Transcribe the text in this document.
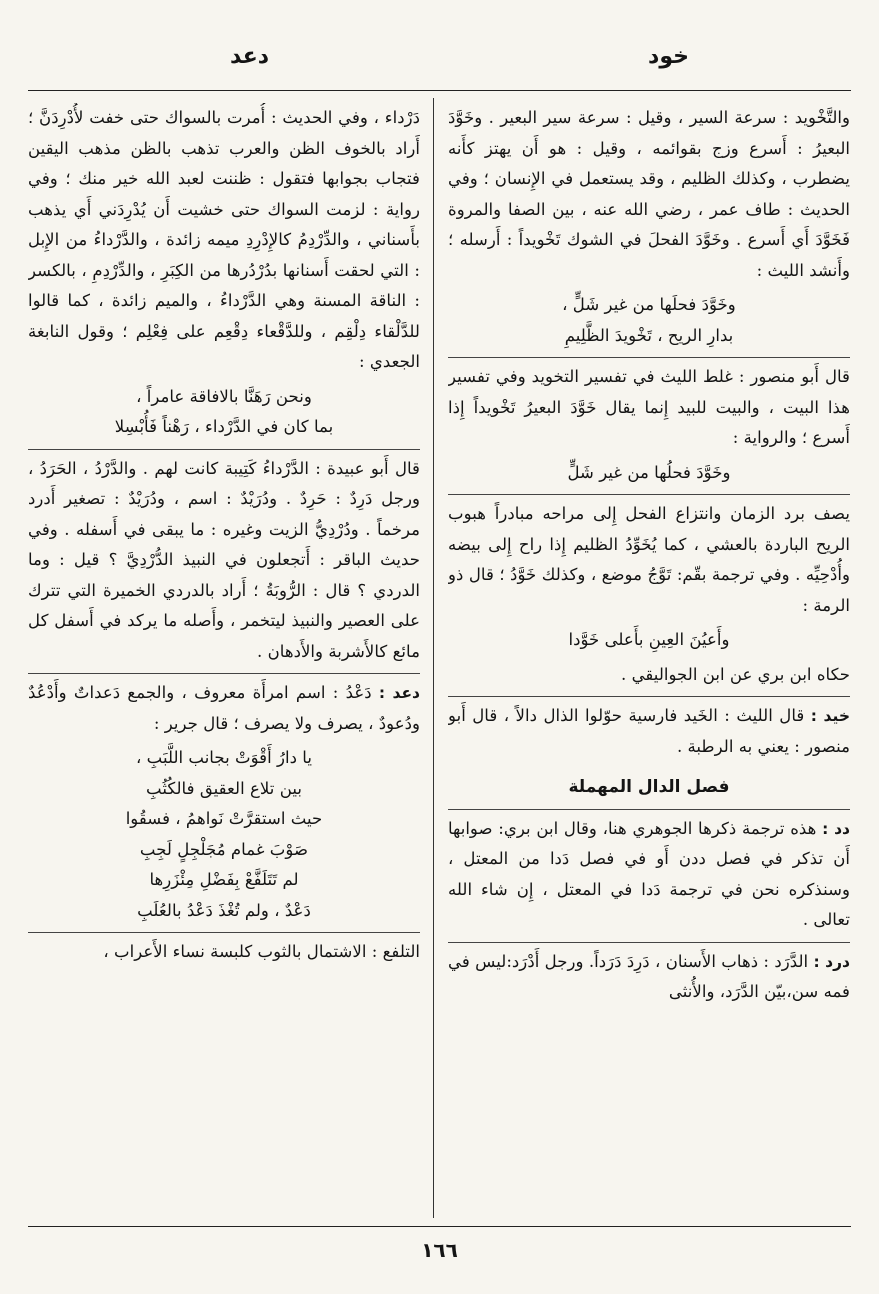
خود
دعد

والتَّخْويد : سرعة السير ، وقيل : سرعة سير البعير . وخَوَّدَ البعيرُ : أَسرع وزج بقوائمه ، وقيل : هو أَن يهتز كأَنه يضطرب ، وكذلك الظليم ، وقد يستعمل في الإِنسان ؛ وفي الحديث : طاف عمر ، رضي الله عنه ، بين الصفا والمروة فَخَوَّدَ أَي أَسرع . وخَوَّدَ الفحلَ في الشوك تَخْويداً : أَرسله ؛ وأَنشد الليث :

وخَوَّدَ فحلَها من غير شَلٍّ ،
بدارِ الريح ، تَخْويدَ الظَّلِيمِ

قال أَبو منصور : غلط الليث في تفسير التخويد وفي تفسير هذا البيت ، والبيت للبيد إِنما يقال خَوَّدَ البعيرُ تَخْويداً إِذا أَسرع ؛ والرواية :

وخَوَّدَ فحلُها من غير شَلٍّ

يصف برد الزمان وانتزاع الفحل إِلى مراحه مبادراً هبوب الريح الباردة بالعشي ، كما يُخَوِّدُ الظليم إِذا راح إِلى بيضه وأُدْحِيِّه . وفي ترجمة بقّم: تَوَّجُ موضع ، وكذلك خَوَّدُ ؛ قال ذو الرمة :

وأَعيُنَ العِينِ بأَعلى خَوَّدا

حكاه ابن بري عن ابن الجواليقي .

خيد : قال الليث : الخَيد فارسية حوّلوا الذال دالاً ، قال أَبو منصور : يعني به الرطبة .

فصل الدال المهملة

دد : هذه ترجمة ذكرها الجوهري هنا، وقال ابن بري: صوابها أَن تذكر في فصل ددن أَو في فصل دَدا من المعتل ، وسنذكره نحن في ترجمة دَدا في المعتل ، إِن شاء الله تعالى .

درد : الدَّرَد : ذهاب الأَسنان ، دَرِدَ دَرَداً. ورجل أَدْرَد:ليس في فمه سن،بيّن الدَّرَد، والأُنثى

دَرْداء ، وفي الحديث : أُمرت بالسواك حتى خفت لأُدْرِدَنَّ ؛ أَراد بالخوف الظن والعرب تذهب بالظن مذهب اليقين فتجاب بجوابها فتقول : ظننت لعبد الله خير منك ؛ وفي رواية : لزمت السواك حتى خشيت أَن يُدْرِدَني أَي يذهب بأَسناني ، والدِّرْدِمُ كالإِدْرِدِ ميمه زائدة ، والدَّرْداءُ من الإِبل : التي لحقت أَسنانها بدُرْدُرها من الكِبَرِ ، والدِّرْدِمِ ، بالكسر : الناقة المسنة وهي الدَّرْداءُ ، والميم زائدة ، كما قالوا للدَّلْقاء دِلْقِم ، وللدَّقْعاء دِقْعِم على فِعْلِم ؛ وقول النابغة الجعدي :

ونحن رَهَنَّا بالافاقة عامراً ،
بما كان في الدَّرْداء ، رَهْناً فَأُبْسِلا

قال أَبو عبيدة : الدَّرْداءُ كَتِيبة كانت لهم . والدَّرْدُ ، الحَرَدُ ، ورجل دَرِدٌ : حَرِدٌ . ودُرَيْدٌ : اسم ، ودُرَيْدٌ : تصغير أَدرد مرخماً . ودُرْدِيُّ الزيت وغيره : ما يبقى في أَسفله . وفي حديث الباقر : أَتجعلون في النبيذ الدُّرْدِيَّ ؟ قيل : وما الدردي ؟ قال : الرُّوبَةُ ؛ أَراد بالدردي الخميرة التي تترك على العصير والنبيذ ليتخمر ، وأَصله ما يركد في أَسفل كل مائع كالأَشربة والأَدهان .

دعد : دَعْدُ : اسم امرأَة معروف ، والجمع دَعداتٌ وأَدْعُدٌ ودُعودٌ ، يصرف ولا يصرف ؛ قال جرير :

يا دارُ أَقْوَتْ بجانب اللَّبَبِ ،
بين تلاع العقيق فالكُثُبِ
حيث استقرَّتْ نَواهمُ ، فسقُوا
صَوْبَ غمام مُجَلْجِلٍ لَجِبِ
لم تَتَلَفَّعْ بِفَضْلِ مِئْزَرِها
دَعْدٌ ، ولم تُغْذَ دَعْدُ بالعُلَبِ

التلفع : الاشتمال بالثوب كلبسة نساء الأَعراب ،

١٦٦
